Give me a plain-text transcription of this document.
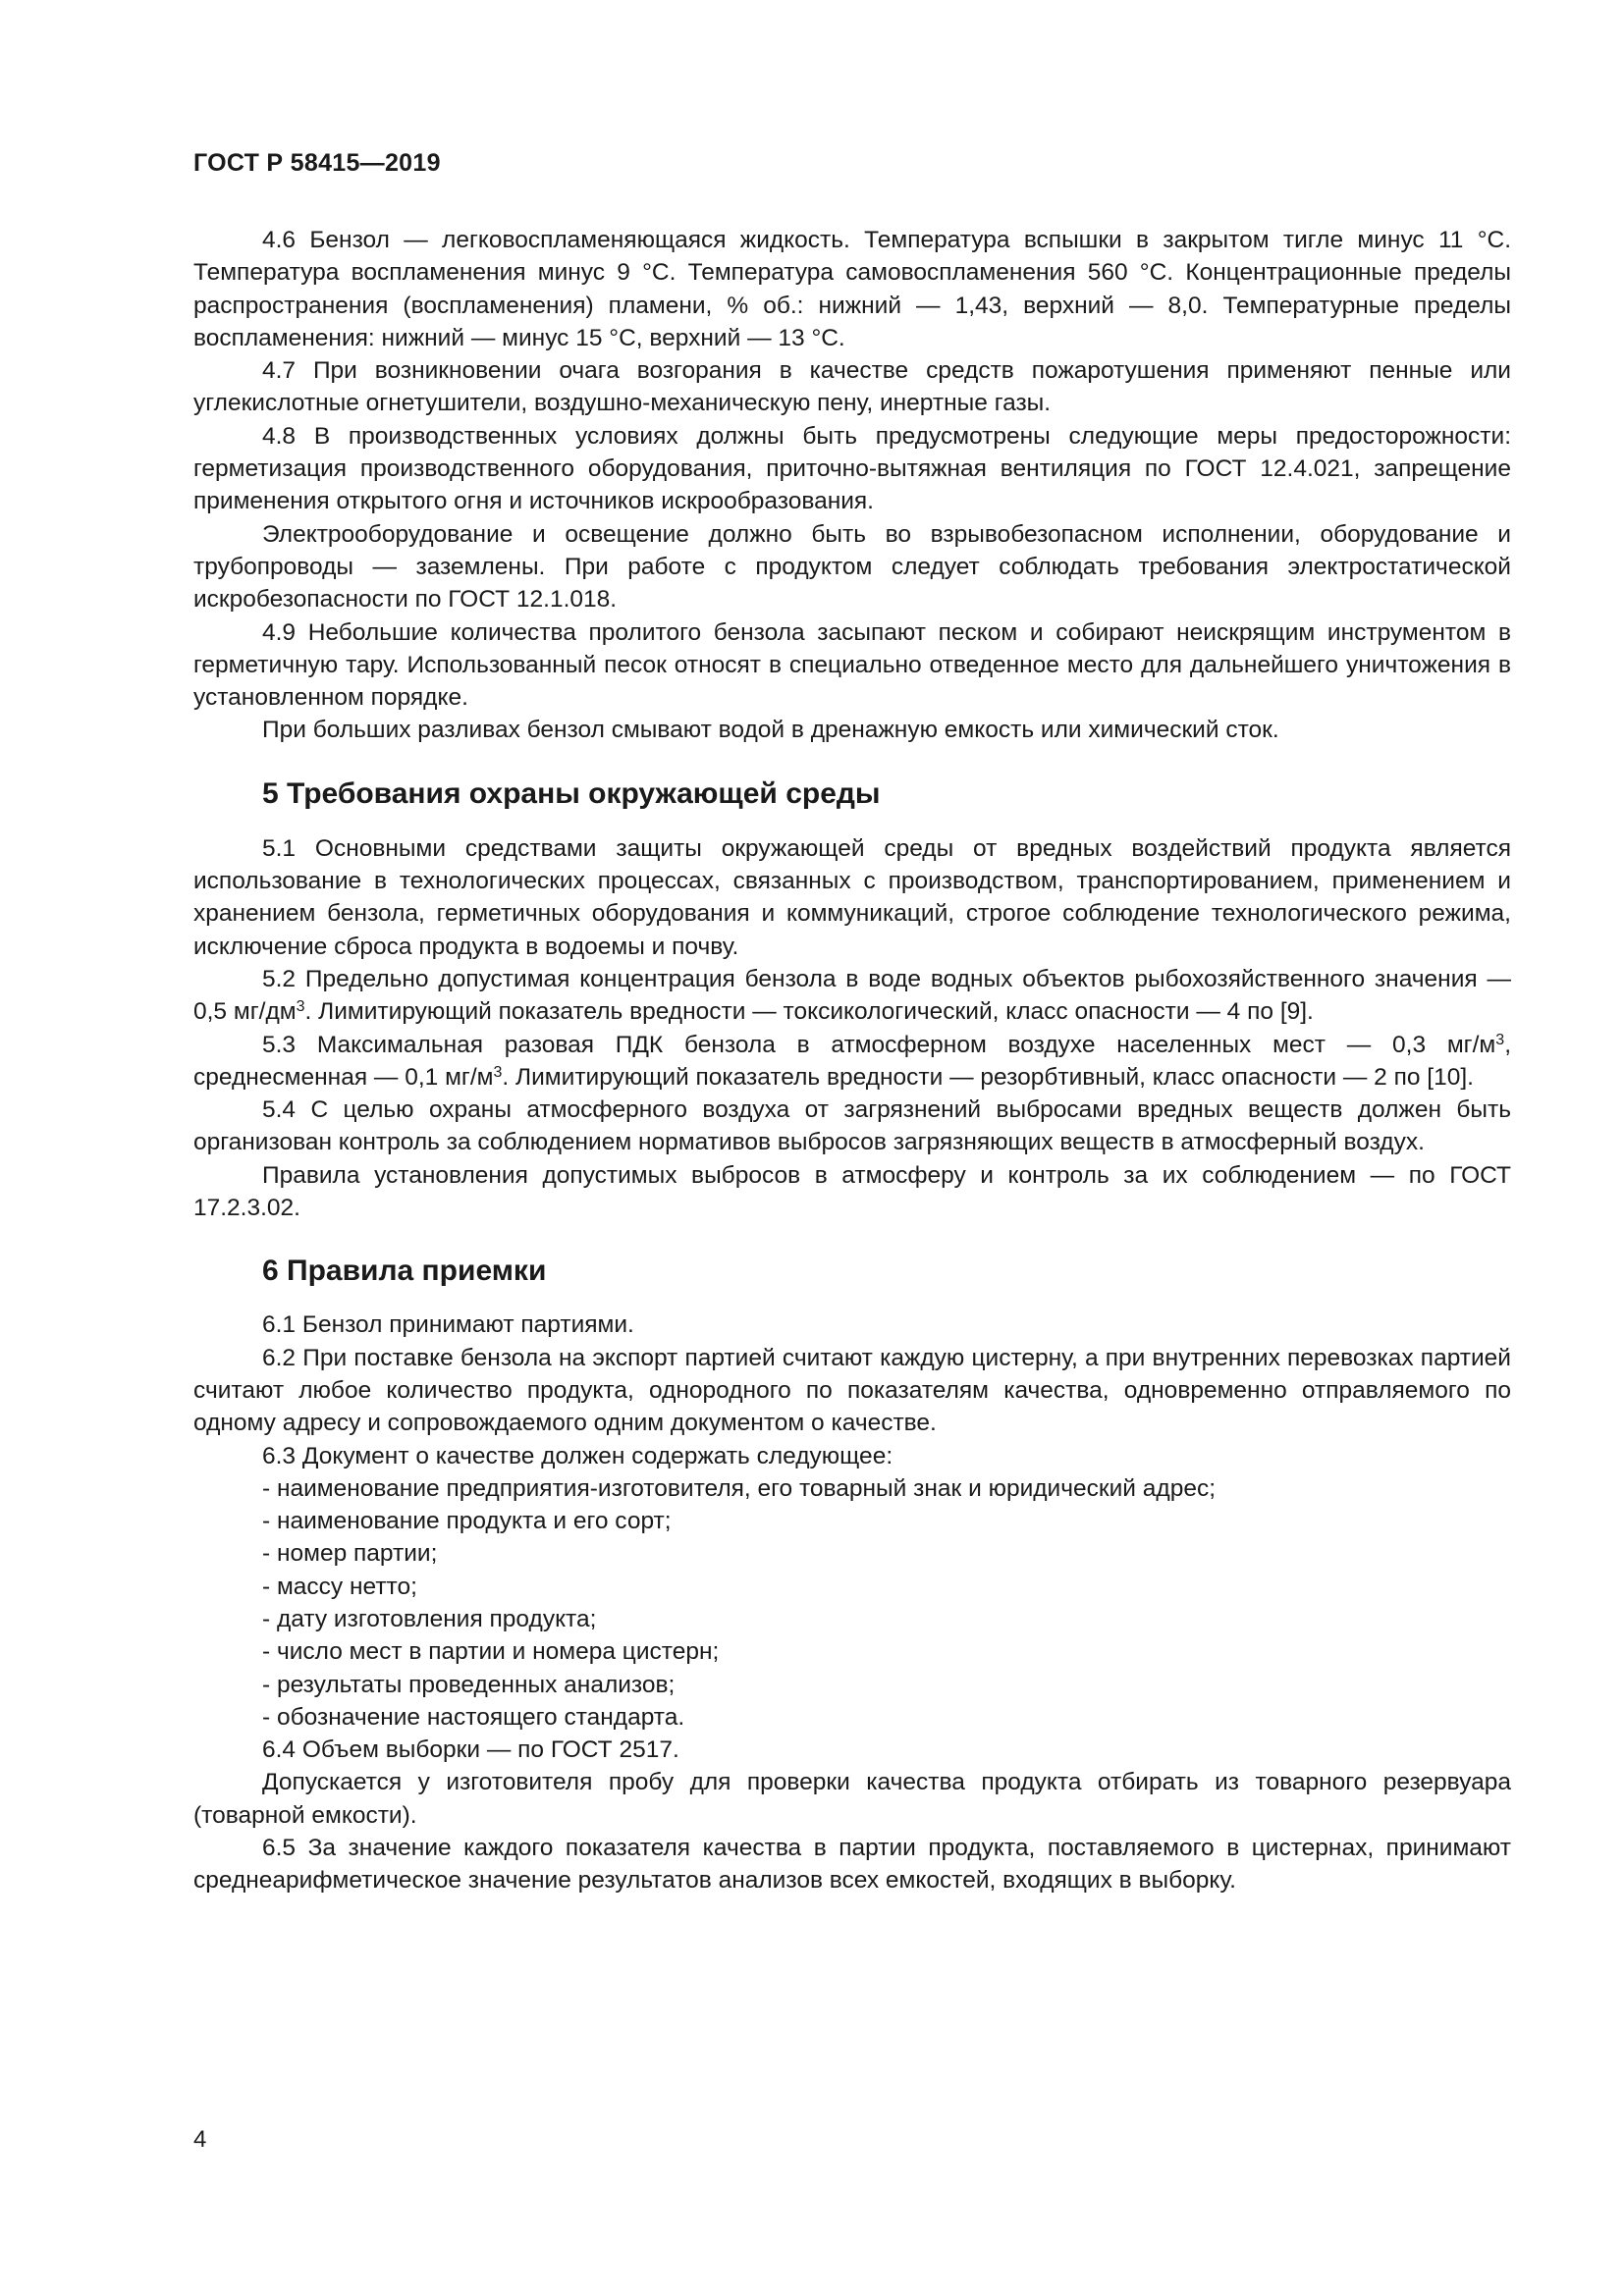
ГОСТ Р 58415—2019

4.6 Бензол — легковоспламеняющаяся жидкость. Температура вспышки в закрытом тигле минус 11 °С. Температура воспламенения минус 9 °С. Температура самовоспламенения 560 °С. Концентрационные пределы распространения (воспламенения) пламени, % об.: нижний — 1,43, верхний — 8,0. Температурные пределы воспламенения: нижний — минус 15 °С, верхний — 13 °С.

4.7 При возникновении очага возгорания в качестве средств пожаротушения применяют пенные или углекислотные огнетушители, воздушно-механическую пену, инертные газы.

4.8 В производственных условиях должны быть предусмотрены следующие меры предосторожности: герметизация производственного оборудования, приточно-вытяжная вентиляция по ГОСТ 12.4.021, запрещение применения открытого огня и источников искрообразования.

Электрооборудование и освещение должно быть во взрывобезопасном исполнении, оборудование и трубопроводы — заземлены. При работе с продуктом следует соблюдать требования электростатической искробезопасности по ГОСТ 12.1.018.

4.9 Небольшие количества пролитого бензола засыпают песком и собирают неискрящим инструментом в герметичную тару. Использованный песок относят в специально отведенное место для дальнейшего уничтожения в установленном порядке.

При больших разливах бензол смывают водой в дренажную емкость или химический сток.

5 Требования охраны окружающей среды

5.1 Основными средствами защиты окружающей среды от вредных воздействий продукта является использование в технологических процессах, связанных с производством, транспортированием, применением и хранением бензола, герметичных оборудования и коммуникаций, строгое соблюдение технологического режима, исключение сброса продукта в водоемы и почву.

5.2 Предельно допустимая концентрация бензола в воде водных объектов рыбохозяйственного значения — 0,5 $мг/дм^3$. Лимитирующий показатель вредности — токсикологический, класс опасности — 4 по [9].

5.3 Максимальная разовая ПДК бензола в атмосферном воздухе населенных мест — 0,3 $мг/м^3$, среднесменная — 0,1 $мг/м^3$. Лимитирующий показатель вредности — резорбтивный, класс опасности — 2 по [10].

5.4 С целью охраны атмосферного воздуха от загрязнений выбросами вредных веществ должен быть организован контроль за соблюдением нормативов выбросов загрязняющих веществ в атмосферный воздух.

Правила установления допустимых выбросов в атмосферу и контроль за их соблюдением — по ГОСТ 17.2.3.02.

6 Правила приемки

6.1 Бензол принимают партиями.

6.2 При поставке бензола на экспорт партией считают каждую цистерну, а при внутренних перевозках партией считают любое количество продукта, однородного по показателям качества, одновременно отправляемого по одному адресу и сопровождаемого одним документом о качестве.

6.3 Документ о качестве должен содержать следующее:

- наименование предприятия-изготовителя, его товарный знак и юридический адрес;

- наименование продукта и его сорт;

- номер партии;

- массу нетто;

- дату изготовления продукта;

- число мест в партии и номера цистерн;

- результаты проведенных анализов;

- обозначение настоящего стандарта.

6.4 Объем выборки — по ГОСТ 2517.

Допускается у изготовителя пробу для проверки качества продукта отбирать из товарного резервуара (товарной емкости).

6.5 За значение каждого показателя качества в партии продукта, поставляемого в цистернах, принимают среднеарифметическое значение результатов анализов всех емкостей, входящих в выборку.

4
